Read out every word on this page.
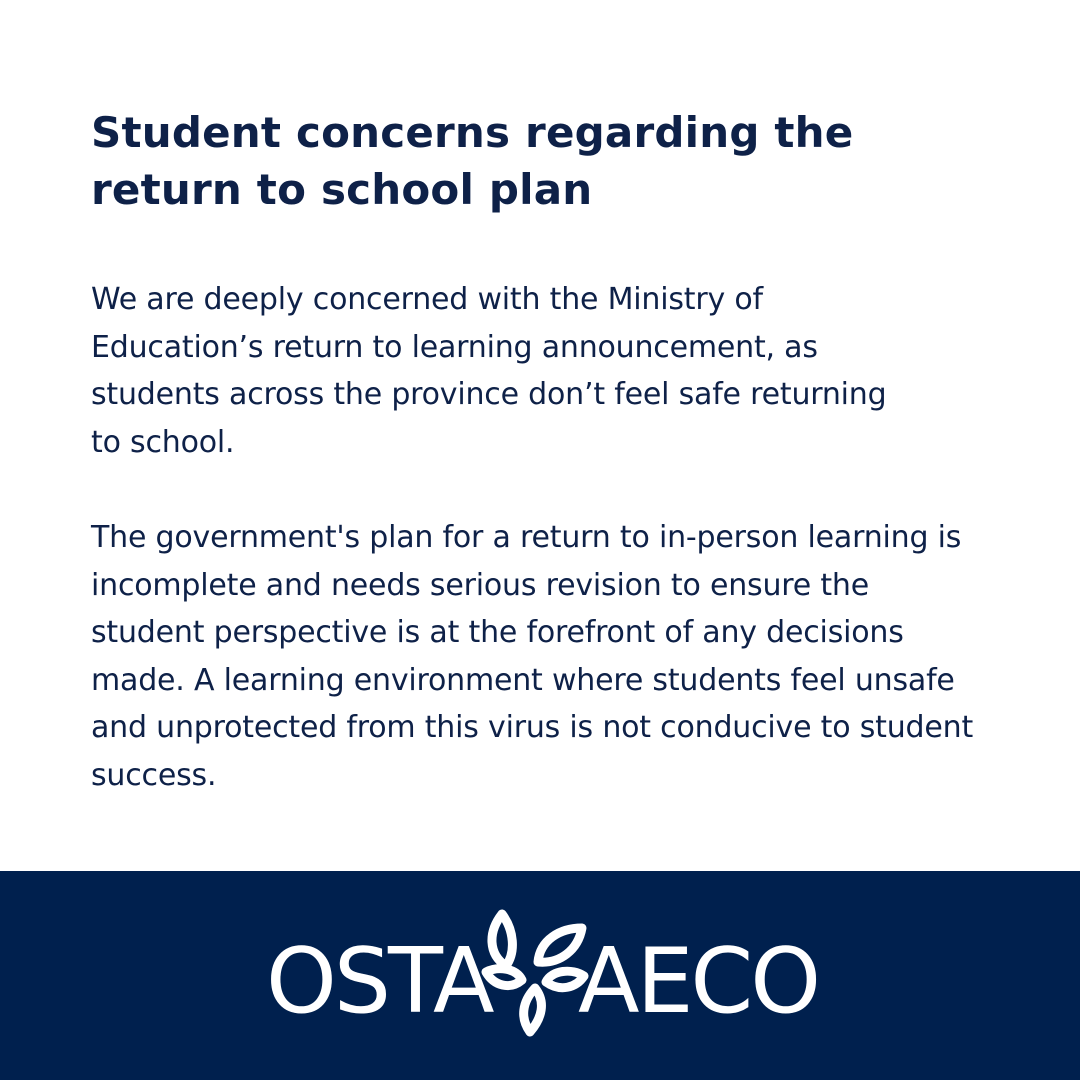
Student concerns regarding the return to school plan

We are deeply concerned with the Ministry of Education’s return to learning announcement, as students across the province don’t feel safe returning to school.

The government's plan for a return to in-person learning is incomplete and needs serious revision to ensure the student perspective is at the forefront of any decisions made. A learning environment where students feel unsafe and unprotected from this virus is not conducive to student success.

OSTA AECO
